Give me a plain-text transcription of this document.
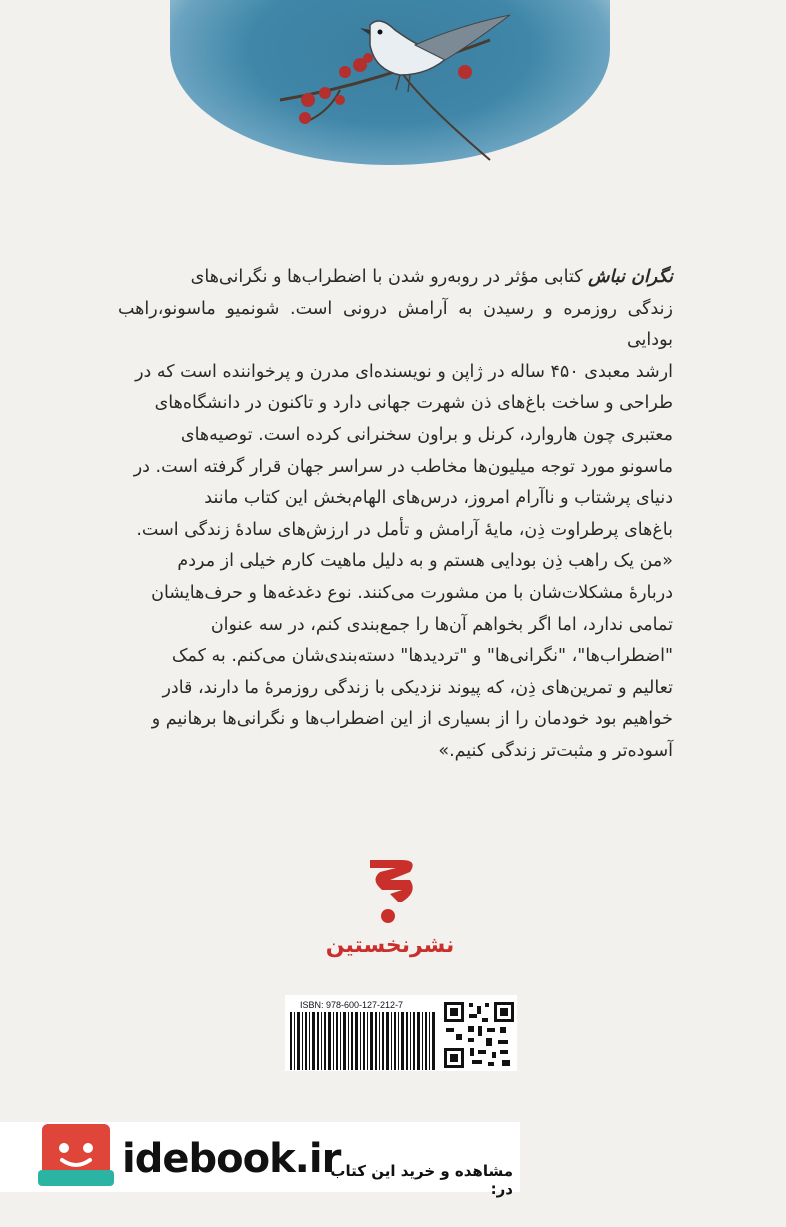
نگران نباش کتابی مؤثر در روبه‌رو شدن با اضطراب‌ها و نگرانی‌های

زندگی روزمره و رسیدن به آرامش درونی است. شونمیو ماسونو،راهب بودایی

ارشد معبدی ۴۵۰ ساله در ژاپن و نویسنده‌ای مدرن و پرخواننده است که در

طراحی و ساخت باغ‌های ذن شهرت جهانی دارد و تاکنون در دانشگاه‌های

معتبری چون هاروارد، کرنل و براون سخنرانی کرده است. توصیه‌های

ماسونو مورد توجه میلیون‌ها مخاطب در سراسر جهان قرار گرفته است. در

دنیای پرشتاب و ناآرام امروز، درس‌های الهام‌بخش این کتاب مانند

باغ‌های پرطراوت ذِن، مایهٔ آرامش و تأمل در ارزش‌های سادهٔ زندگی است.

«من یک راهب ذِن بودایی هستم و به دلیل ماهیت کارم خیلی از مردم

دربارهٔ مشکلات‌شان با من مشورت می‌کنند. نوع دغدغه‌ها و حرف‌هایشان

تمامی ندارد، اما اگر بخواهم آن‌ها را جمع‌بندی کنم، در سه عنوان

"اضطراب‌ها"، "نگرانی‌ها" و "تردیدها" دسته‌بندی‌شان می‌کنم. به کمک

تعالیم و تمرین‌های ذِن، که پیوند نزدیکی با زندگی روزمرهٔ ما دارند، قادر

خواهیم بود خودمان را از بسیاری از این اضطراب‌ها و نگرانی‌ها برهانیم و

آسوده‌تر و مثبت‌تر زندگی کنیم.»

نشرنخستین
ISBN: 978-600-127-212-7
idebook.ir
مشاهده و خرید این کتاب در:
